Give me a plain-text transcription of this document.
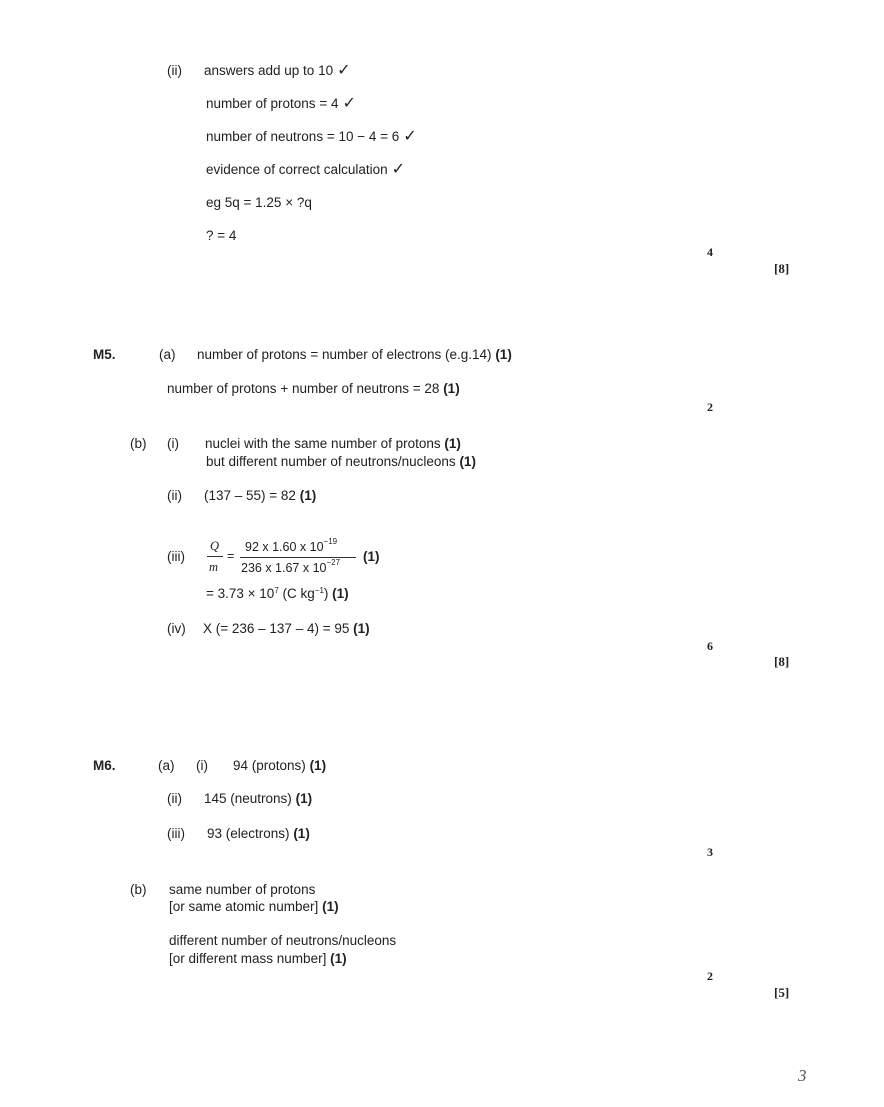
(ii) answers add up to 10 ✓
number of protons = 4 ✓
number of neutrons = 10 − 4 = 6 ✓
evidence of correct calculation ✓
eg 5q = 1.25 × ?q
? = 4
4
[8]
M5.	(a) number of protons = number of electrons (e.g.14) (1)
number of protons + number of neutrons = 28 (1)
2
(b) (i) nuclei with the same number of protons (1)
but different number of neutrons/nucleons (1)
(ii) (137 – 55) = 82 (1)
(iii)
Q
m
=
92 x 1.60 x $10^{-19}$
236 x 1.67 x $10^{-27}$ (1)
= $3.73 \times 10^7$ (C $kg^{-1}$) (1)
(iv) X (= 236 – 137 – 4) = 95 (1)
6
[8]
M6.	(a) (i) 94 (protons) (1)
(ii) 145 (neutrons) (1)
(iii) 93 (electrons) (1)
3
(b) same number of protons
[or same atomic number] (1)
different number of neutrons/nucleons
[or different mass number] (1)
2
[5]
3
